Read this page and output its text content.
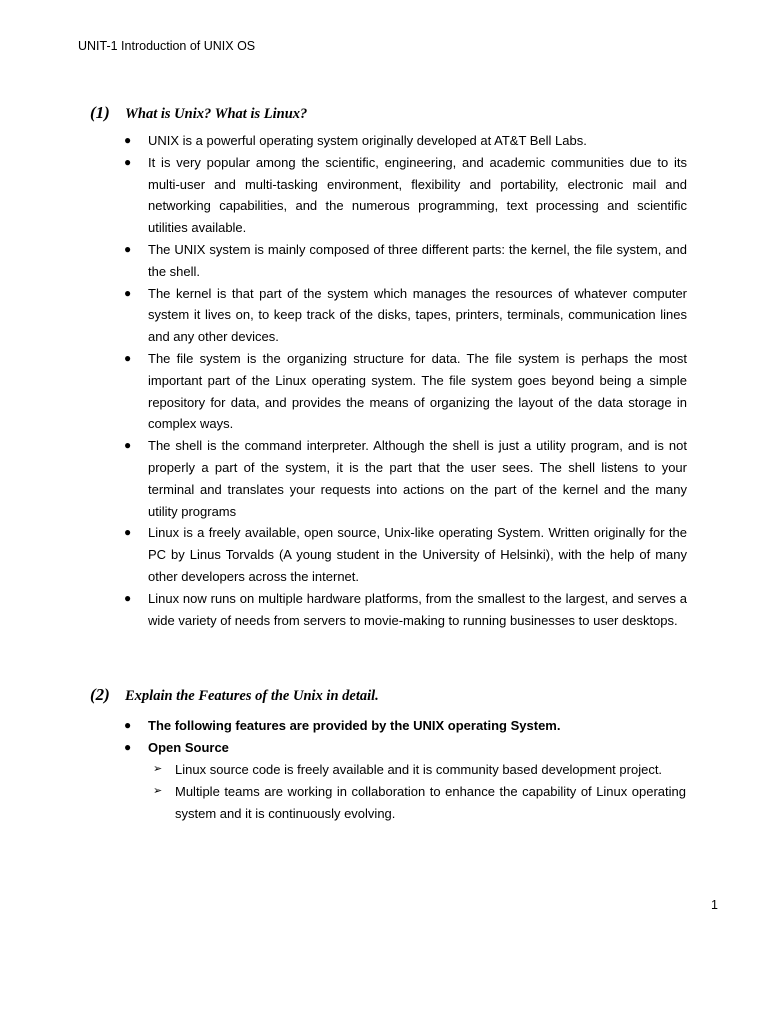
UNIT-1 Introduction of UNIX OS
(1)	What is Unix? What is Linux?
● UNIX is a powerful operating system originally developed at AT&T Bell Labs.
● It is very popular among the scientific, engineering, and academic communities due to its multi-user and multi-tasking environment, flexibility and portability, electronic mail and networking capabilities, and the numerous programming, text processing and scientific utilities available.
● The UNIX system is mainly composed of three different parts: the kernel, the file system, and the shell.
● The kernel is that part of the system which manages the resources of whatever computer system it lives on, to keep track of the disks, tapes, printers, terminals, communication lines and any other devices.
● The file system is the organizing structure for data. The file system is perhaps the most important part of the Linux operating system. The file system goes beyond being a simple repository for data, and provides the means of organizing the layout of the data storage in complex ways.
● The shell is the command interpreter. Although the shell is just a utility program, and is not properly a part of the system, it is the part that the user sees. The shell listens to your terminal and translates your requests into actions on the part of the kernel and the many utility programs
● Linux is a freely available, open source, Unix-like operating System. Written originally for the PC by Linus Torvalds (A young student in the University of Helsinki), with the help of many other developers across the internet.
● Linux now runs on multiple hardware platforms, from the smallest to the largest, and serves a wide variety of needs from servers to movie-making to running businesses to user desktops.
(2)	Explain the Features of the Unix in detail.
● The following features are provided by the UNIX operating System.
● Open Source
➢ Linux source code is freely available and it is community based development project.
➢ Multiple teams are working in collaboration to enhance the capability of Linux operating system and it is continuously evolving.
1
